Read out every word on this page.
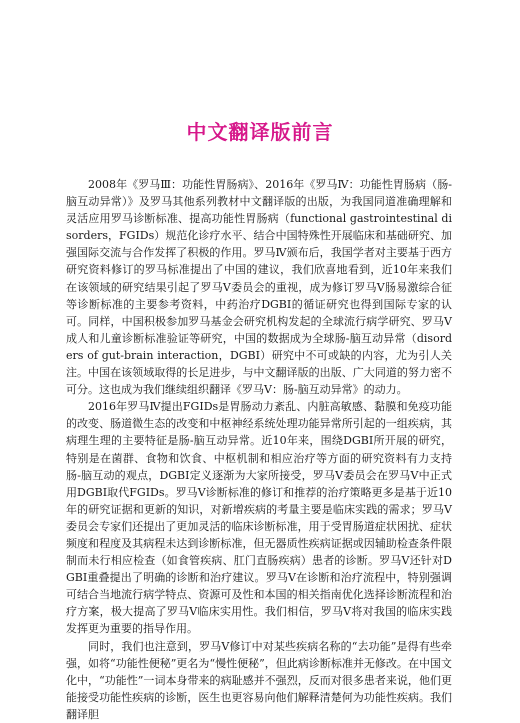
中文翻译版前言

2008年《罗马Ⅲ：功能性胃肠病》、2016年《罗马Ⅳ：功能性胃肠病（肠-脑互动异常）》及罗马其他系列教材中文翻译版的出版，为我国同道准确理解和灵活应用罗马诊断标准、提高功能性胃肠病（functional gastrointestinal disorders，FGIDs）规范化诊疗水平、结合中国特殊性开展临床和基础研究、加强国际交流与合作发挥了积极的作用。罗马Ⅳ颁布后，我国学者对主要基于西方研究资料修订的罗马标准提出了中国的建议，我们欣喜地看到，近10年来我们在该领域的研究结果引起了罗马Ⅴ委员会的重视，成为修订罗马Ⅴ肠易激综合征等诊断标准的主要参考资料，中药治疗DGBI的循证研究也得到国际专家的认可。同样，中国积极参加罗马基金会研究机构发起的全球流行病学研究、罗马Ⅴ成人和儿童诊断标准验证等研究，中国的数据成为全球肠-脑互动异常（disorders of gut-brain interaction，DGBI）研究中不可或缺的内容，尤为引人关注。中国在该领域取得的长足进步，与中文翻译版的出版、广大同道的努力密不可分。这也成为我们继续组织翻译《罗马Ⅴ：肠-脑互动异常》的动力。

2016年罗马Ⅳ提出FGIDs是胃肠动力紊乱、内脏高敏感、黏膜和免疫功能的改变、肠道微生态的改变和中枢神经系统处理功能异常所引起的一组疾病，其病理生理的主要特征是肠-脑互动异常。近10年来，围绕DGBI所开展的研究，特别是在菌群、食物和饮食、中枢机制和相应治疗等方面的研究资料有力支持肠-脑互动的观点，DGBI定义逐渐为大家所接受，罗马Ⅴ委员会在罗马Ⅴ中正式用DGBI取代FGIDs。罗马Ⅴ诊断标准的修订和推荐的治疗策略更多是基于近10年的研究证据和更新的知识，对新增疾病的考量主要是临床实践的需求；罗马Ⅴ委员会专家们还提出了更加灵活的临床诊断标准，用于受胃肠道症状困扰、症状频度和程度及其病程未达到诊断标准，但无器质性疾病证据或因辅助检查条件限制而未行相应检查（如食管疾病、肛门直肠疾病）患者的诊断。罗马Ⅴ还针对DGBI重叠提出了明确的诊断和治疗建议。罗马Ⅴ在诊断和治疗流程中，特别强调可结合当地流行病学特点、资源可及性和本国的相关指南优化选择诊断流程和治疗方案，极大提高了罗马Ⅴ临床实用性。我们相信，罗马Ⅴ将对我国的临床实践发挥更为重要的指导作用。

同时，我们也注意到，罗马Ⅴ修订中对某些疾病名称的“去功能”是得有些牵强，如将“功能性便秘”更名为“慢性便秘”，但此病诊断标准并无修改。在中国文化中，“功能性”一词本身带来的病耻感并不强烈，反而对很多患者来说，他们更能接受功能性疾病的诊断，医生也更容易向他们解释清楚何为功能性疾病。我们翻译胆
